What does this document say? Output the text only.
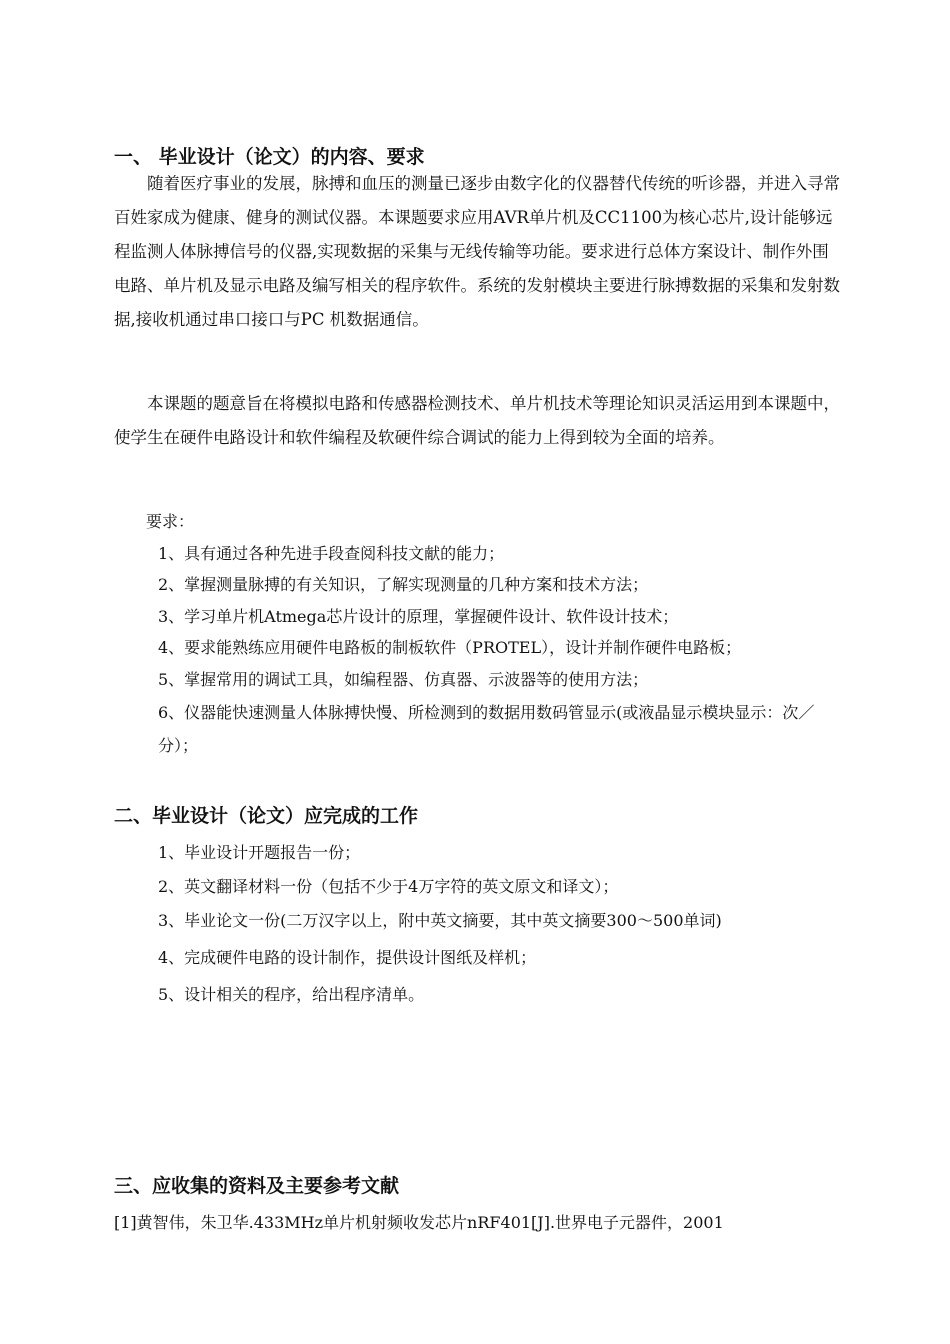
一、 毕业设计（论文）的内容、要求

随着医疗事业的发展，脉搏和血压的测量已逐步由数字化的仪器替代传统的听诊器，并进入寻常百姓家成为健康、健身的测试仪器。本课题要求应用AVR单片机及CC1100为核心芯片,设计能够远程监测人体脉搏信号的仪器,实现数据的采集与无线传输等功能。要求进行总体方案设计、制作外围电路、单片机及显示电路及编写相关的程序软件。系统的发射模块主要进行脉搏数据的采集和发射数据,接收机通过串口接口与PC 机数据通信。

本课题的题意旨在将模拟电路和传感器检测技术、单片机技术等理论知识灵活运用到本课题中，使学生在硬件电路设计和软件编程及软硬件综合调试的能力上得到较为全面的培养。

要求：
1、具有通过各种先进手段查阅科技文献的能力；
2、掌握测量脉搏的有关知识，了解实现测量的几种方案和技术方法；
3、学习单片机Atmega芯片设计的原理，掌握硬件设计、软件设计技术；
4、要求能熟练应用硬件电路板的制板软件（PROTEL），设计并制作硬件电路板；
5、掌握常用的调试工具，如编程器、仿真器、示波器等的使用方法；

6、仪器能快速测量人体脉搏快慢、所检测到的数据用数码管显示(或液晶显示模块显示：次／分）；

二、毕业设计（论文）应完成的工作
1、毕业设计开题报告一份；
2、英文翻译材料一份（包括不少于4万字符的英文原文和译文）；
3、毕业论文一份(二万汉字以上，附中英文摘要，其中英文摘要300～500单词)
4、完成硬件电路的设计制作，提供设计图纸及样机；
5、设计相关的程序，给出程序清单。
三、应收集的资料及主要参考文献
[1]黄智伟，朱卫华.433MHz单片机射频收发芯片nRF401[J].世界电子元器件，2001
